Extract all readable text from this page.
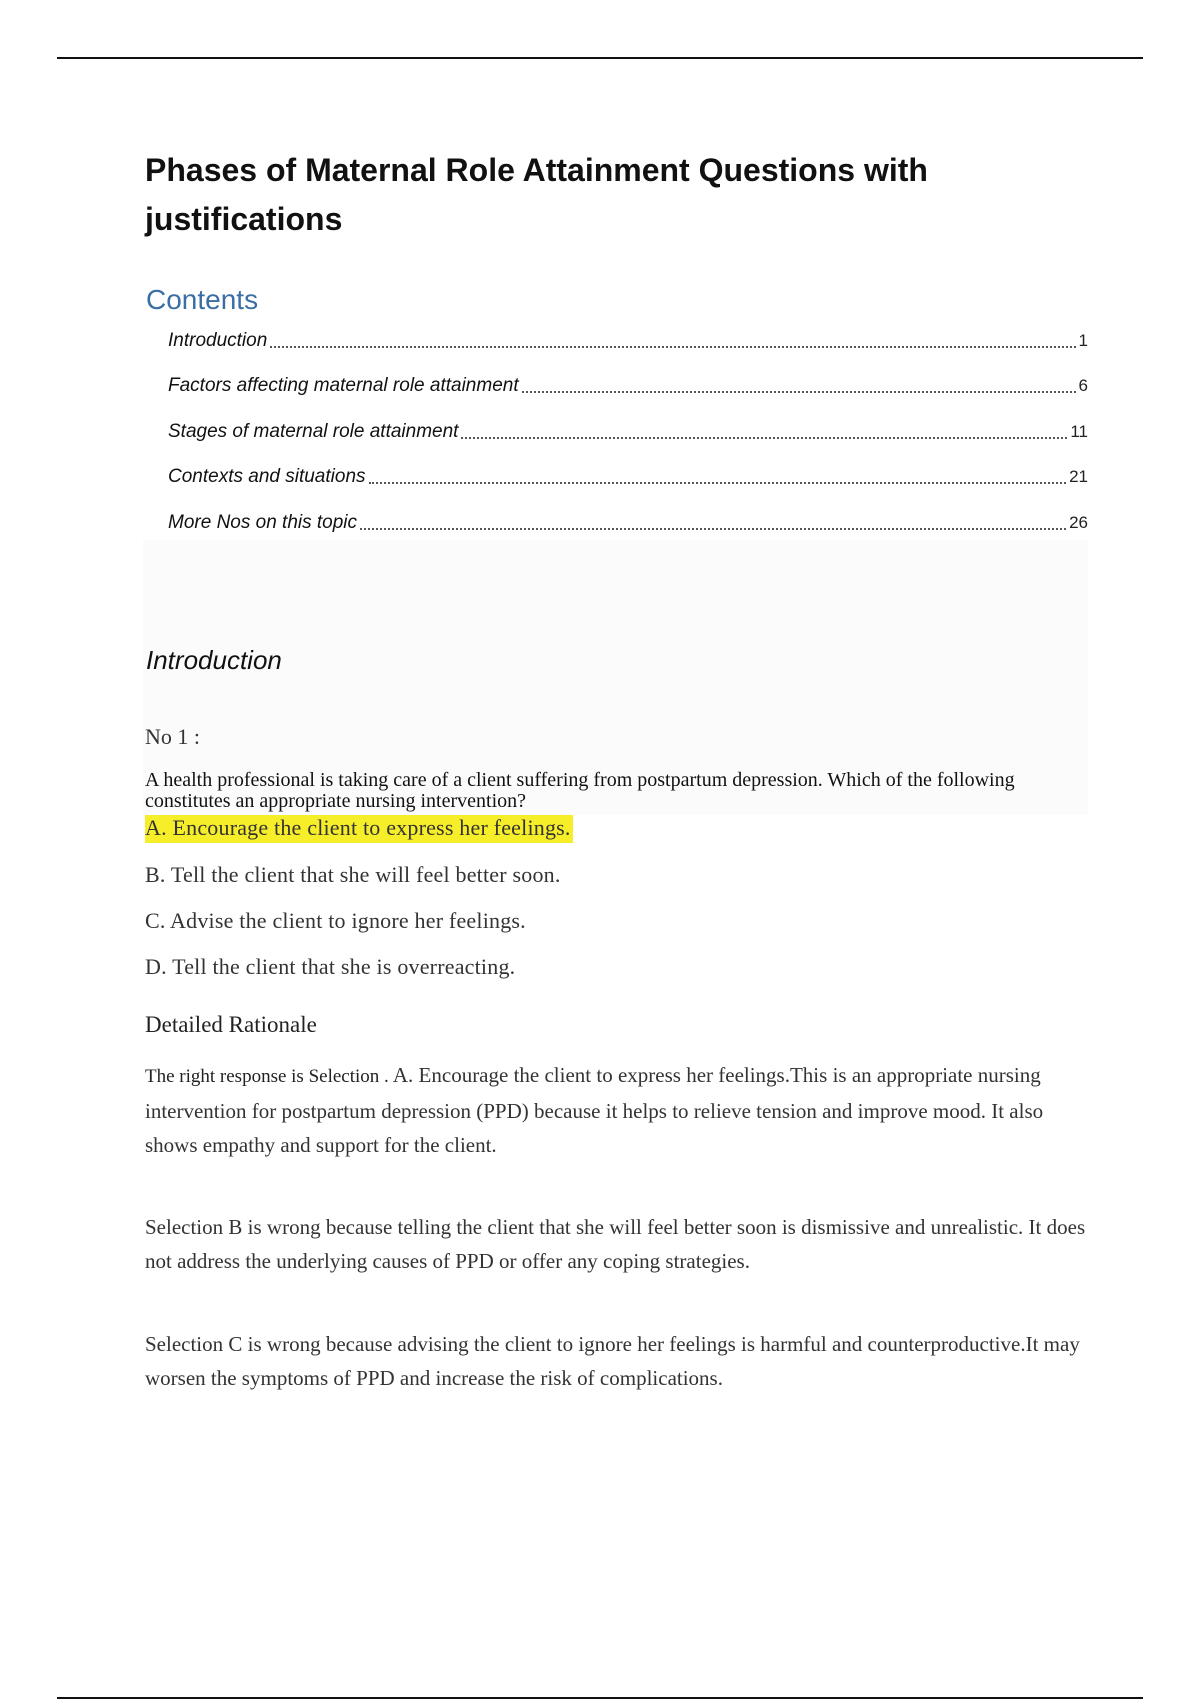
Phases of Maternal Role Attainment Questions with justifications
Contents
Introduction	1
Factors affecting maternal role attainment	6
Stages of maternal role attainment	11
Contexts and situations	21
More Nos on this topic	26
Introduction
No 1 :

A health professional is taking care of a client suffering from postpartum depression. Which of the following constitutes an appropriate nursing intervention?

A. Encourage the client to express her feelings.
B. Tell the client that she will feel better soon.
C. Advise the client to ignore her feelings.
D. Tell the client that she is overreacting.
Detailed Rationale

The right response is Selection . A. Encourage the client to express her feelings.This is an appropriate nursing intervention for postpartum depression (PPD) because it helps to relieve tension and improve mood. It also shows empathy and support for the client.

Selection B is wrong because telling the client that she will feel better soon is dismissive and unrealistic. It does not address the underlying causes of PPD or offer any coping strategies.

Selection C is wrong because advising the client to ignore her feelings is harmful and counterproductive.It may worsen the symptoms of PPD and increase the risk of complications.
